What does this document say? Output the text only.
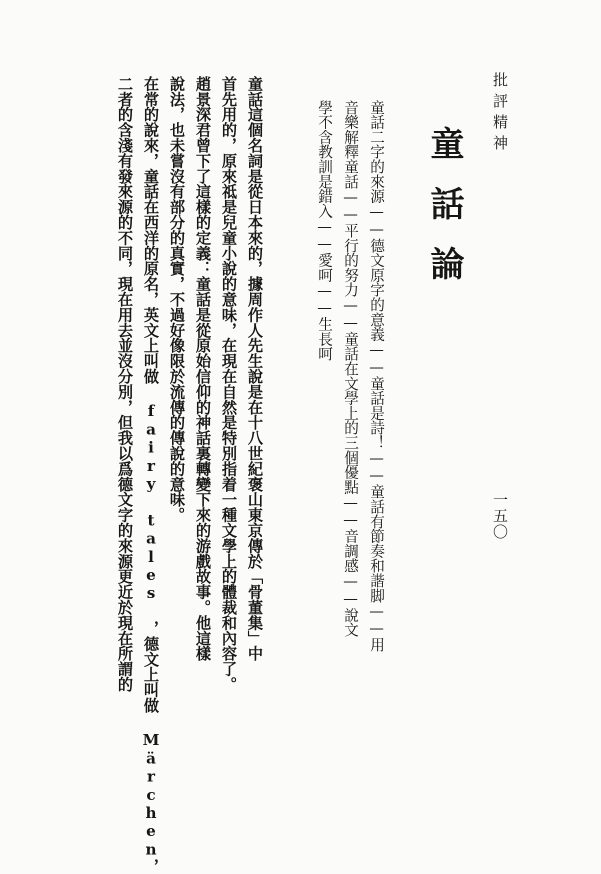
批評精神
一五〇
童話論
童話二字的來源——德文原字的意義——童話是詩！——童話有節奏和諧脚——用
音樂解釋童話——平行的努力——童話在文學上的三個優點——音調感——說文
學不含教訓是錯入——愛呵——生長呵
童話這個名詞是從日本來的，據周作人先生說是在十八世紀褒山東京傳於「骨董集」中
首先用的，原來祗是兒童小說的意味，在現在自然是特別指着一種文學上的體裁和內容了。
趙景深君曾下了這樣的定義：童話是從原始信仰的神話裏轉變下來的游戲故事。他這樣
說法，也未嘗沒有部分的真實，不過好像限於流傳的傳說的意味。
在常的說來，童話在西洋的原名，英文上叫做 fairy tales ，德文上叫做 Märchen，
二者的含淺有發來源的不同，現在用去並沒分別，但我以爲德文字的來源更近於現在所謂的
